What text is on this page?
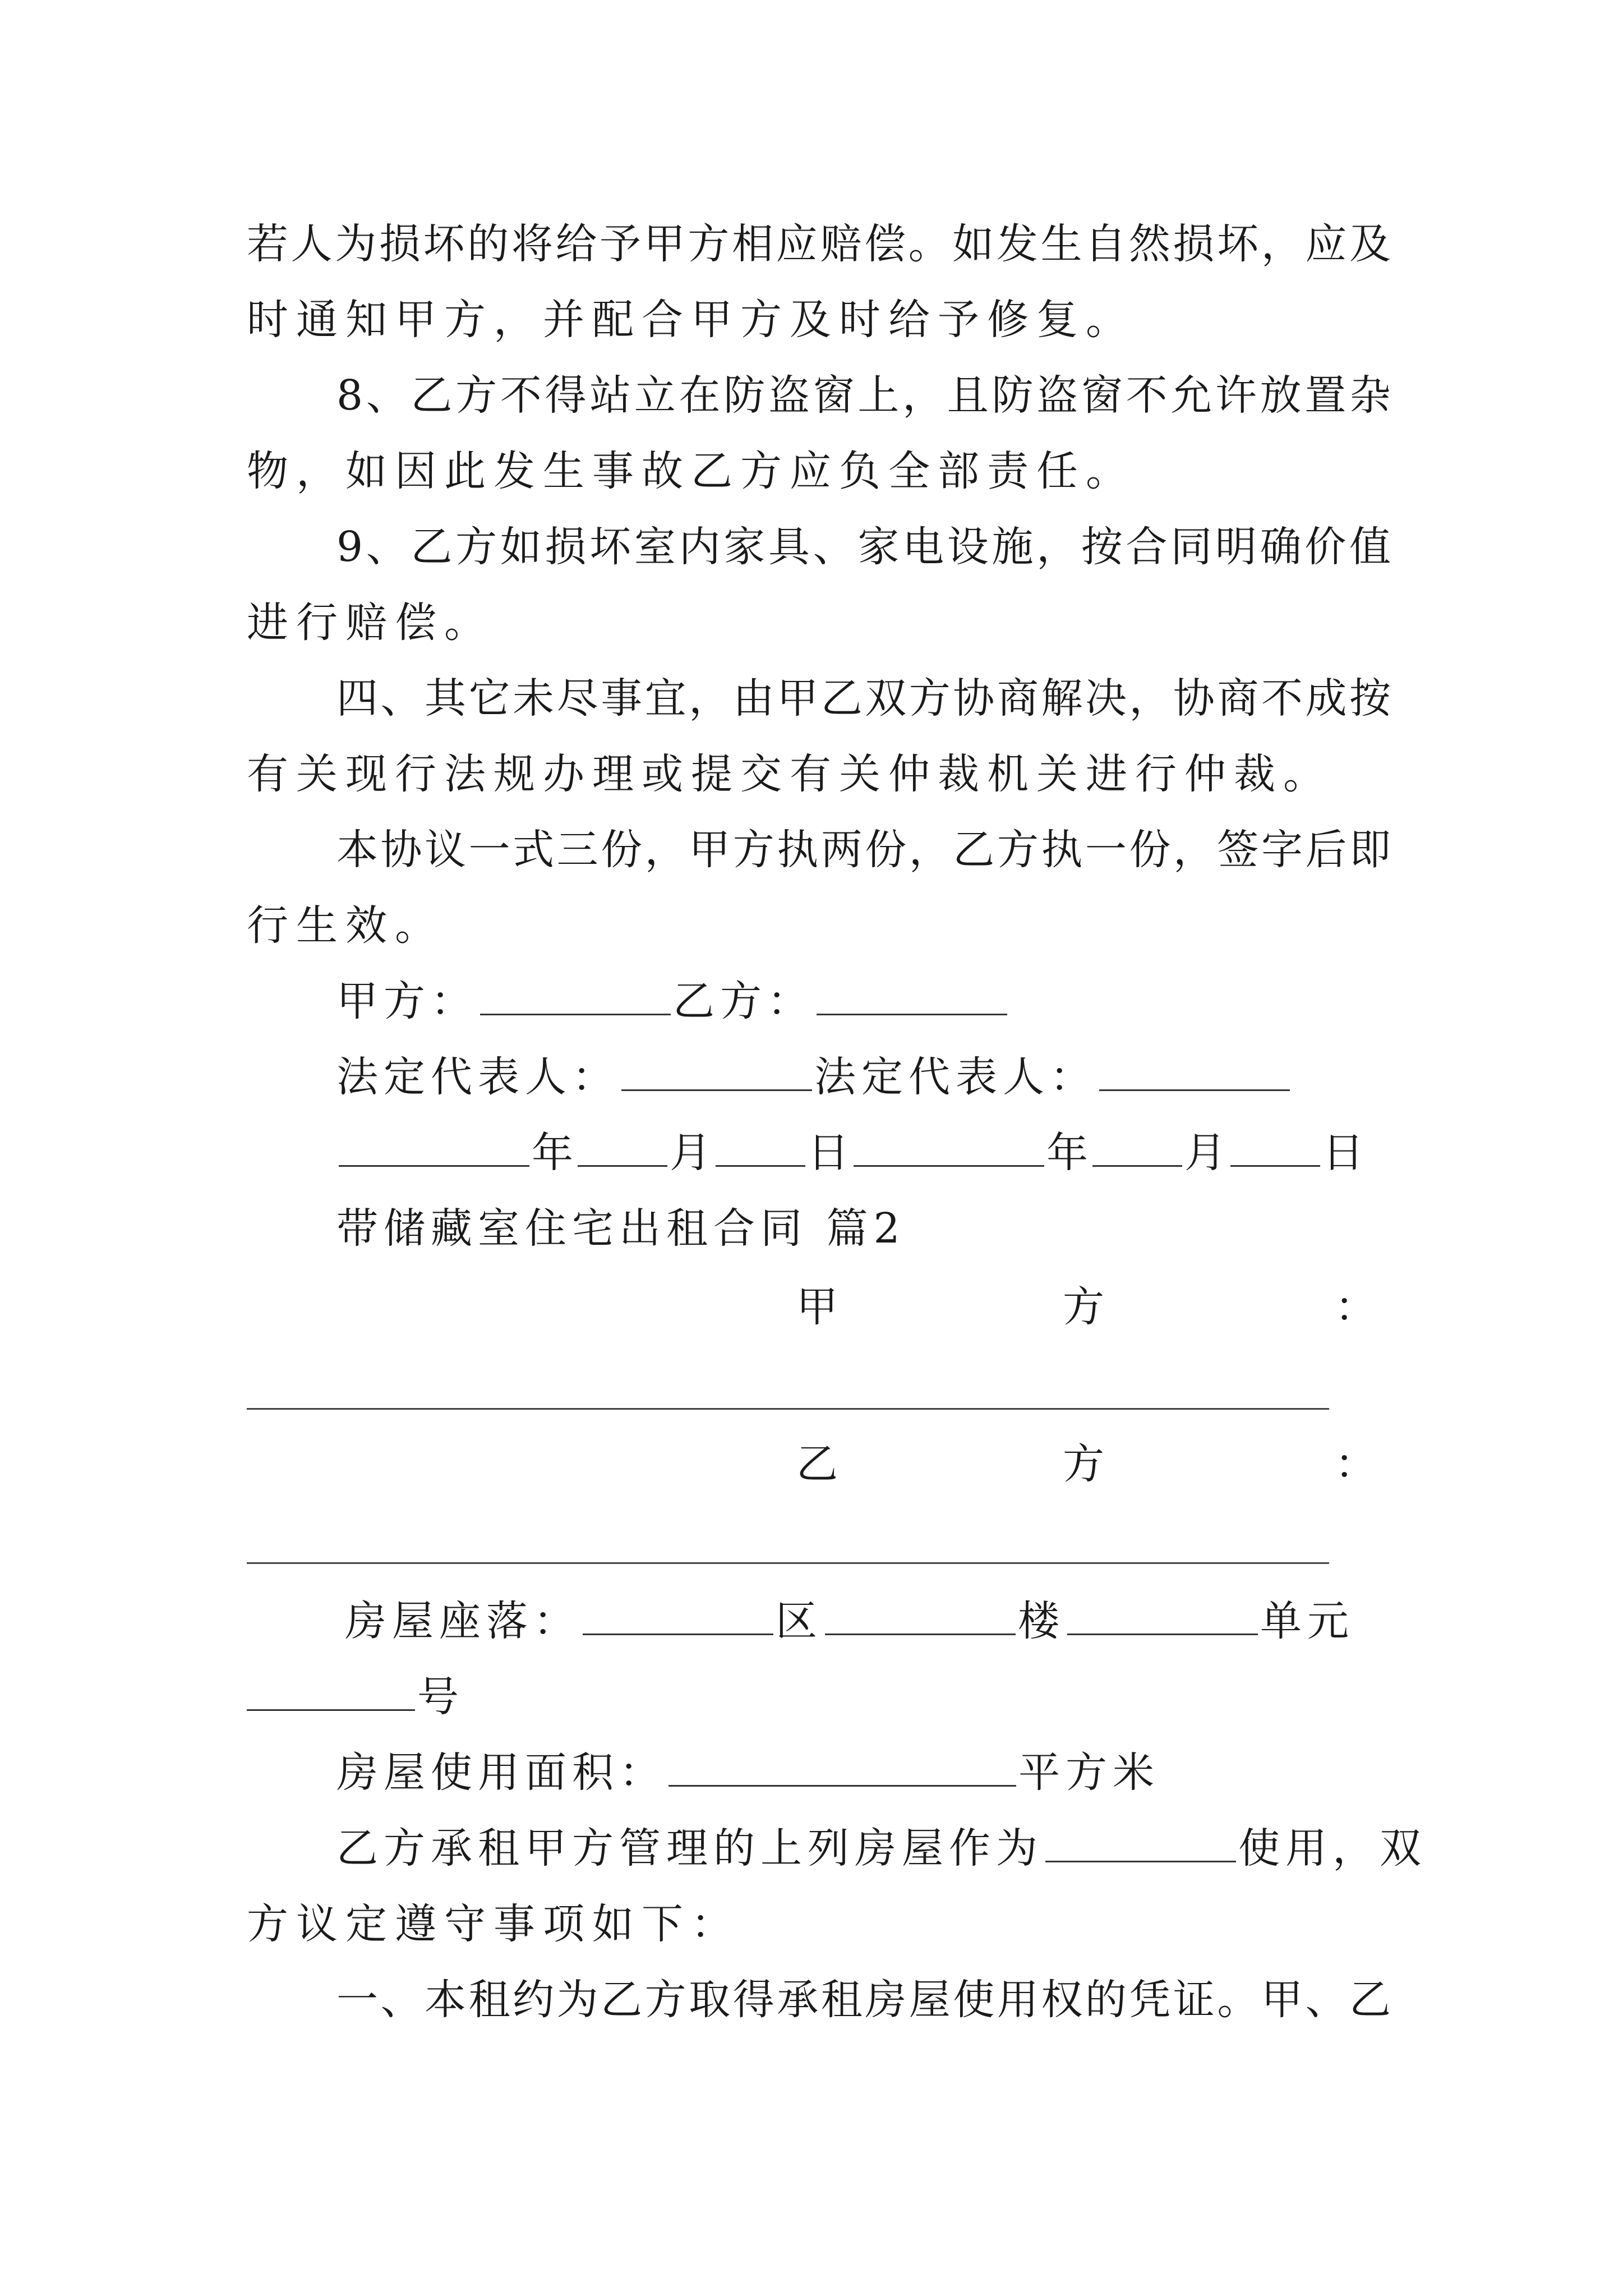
若人为损坏的将给予甲方相应赔偿。如发生自然损坏，应及
时通知甲方，并配合甲方及时给予修复。
8、乙方不得站立在防盗窗上，且防盗窗不允许放置杂
物，如因此发生事故乙方应负全部责任。
9、乙方如损坏室内家具、家电设施，按合同明确价值
进行赔偿。
四、其它未尽事宜，由甲乙双方协商解决，协商不成按
有关现行法规办理或提交有关仲裁机关进行仲裁。
本协议一式三份，甲方执两份，乙方执一份，签字后即
行生效。
甲方：	乙方：
法定代表人：	法定代表人：
年 月 日	年 月 日
带储藏室住宅出租合同 篇2
甲	方	：
乙	方	：
房屋座落：	区	楼	单元
号
房屋使用面积：	平方米
乙方承租甲方管理的上列房屋作为	使用，双
方议定遵守事项如下：
一、本租约为乙方取得承租房屋使用权的凭证。甲、乙
